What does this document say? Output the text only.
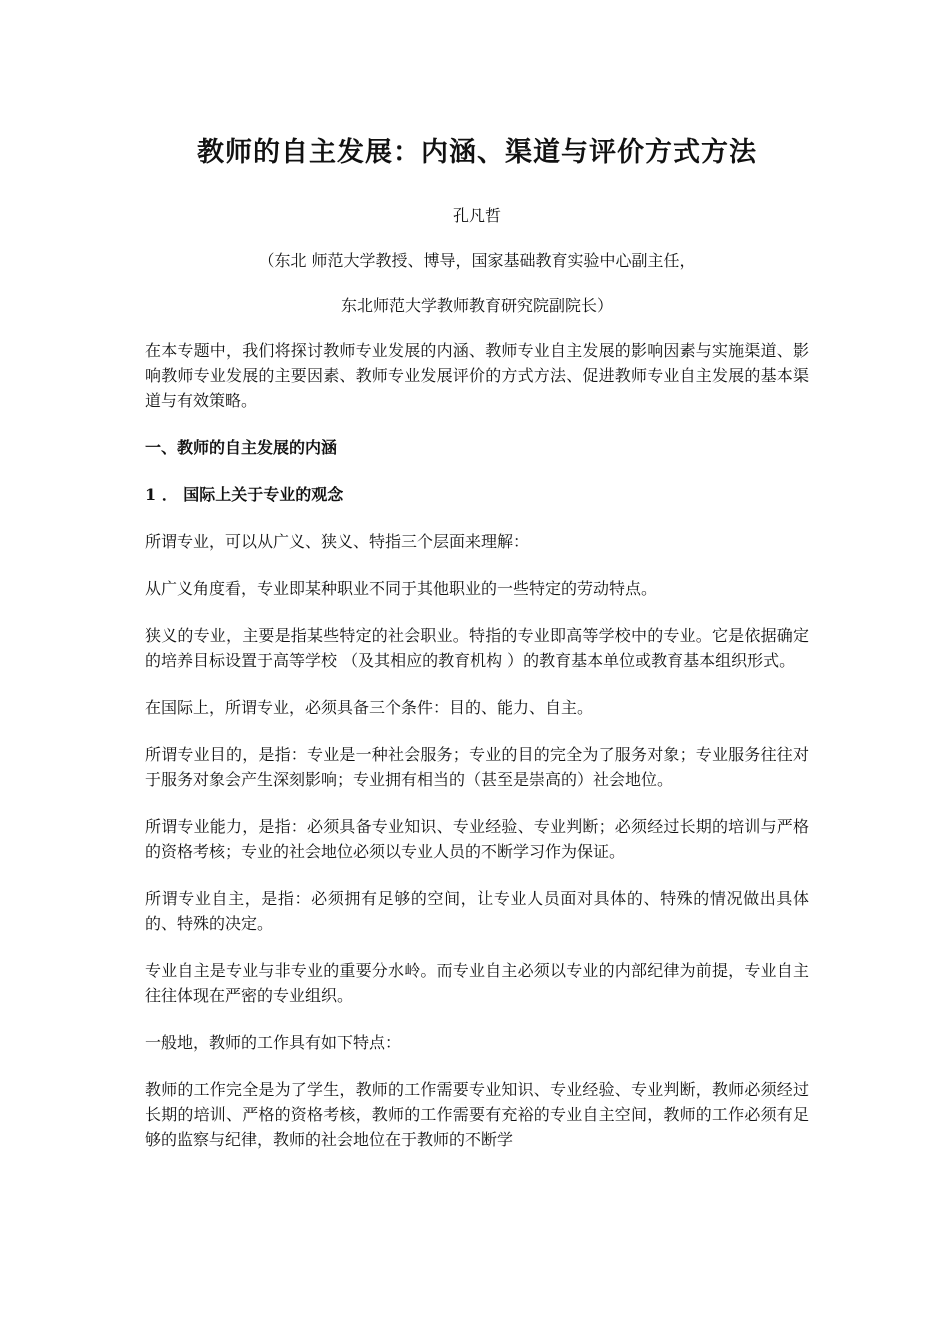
教师的自主发展：内涵、渠道与评价方式方法
孔凡哲
（东北 师范大学教授、博导，国家基础教育实验中心副主任，
东北师范大学教师教育研究院副院长）
在本专题中，我们将探讨教师专业发展的内涵、教师专业自主发展的影响因素与实施渠道、影响教师专业发展的主要因素、教师专业发展评价的方式方法、促进教师专业自主发展的基本渠道与有效策略。
一、教师的自主发展的内涵
1 ． 国际上关于专业的观念
所谓专业，可以从广义、狭义、特指三个层面来理解：
从广义角度看，专业即某种职业不同于其他职业的一些特定的劳动特点。
狭义的专业，主要是指某些特定的社会职业。特指的专业即高等学校中的专业。它是依据确定的培养目标设置于高等学校 （及其相应的教育机构 ）的教育基本单位或教育基本组织形式。
在国际上，所谓专业，必须具备三个条件：目的、能力、自主。
所谓专业目的，是指：专业是一种社会服务；专业的目的完全为了服务对象；专业服务往往对于服务对象会产生深刻影响；专业拥有相当的（甚至是崇高的）社会地位。
所谓专业能力，是指：必须具备专业知识、专业经验、专业判断；必须经过长期的培训与严格的资格考核；专业的社会地位必须以专业人员的不断学习作为保证。
所谓专业自主，是指：必须拥有足够的空间，让专业人员面对具体的、特殊的情况做出具体的、特殊的决定。
专业自主是专业与非专业的重要分水岭。而专业自主必须以专业的内部纪律为前提，专业自主往往体现在严密的专业组织。
一般地，教师的工作具有如下特点：
教师的工作完全是为了学生，教师的工作需要专业知识、专业经验、专业判断，教师必须经过长期的培训、严格的资格考核，教师的工作需要有充裕的专业自主空间，教师的工作必须有足够的监察与纪律，教师的社会地位在于教师的不断学
